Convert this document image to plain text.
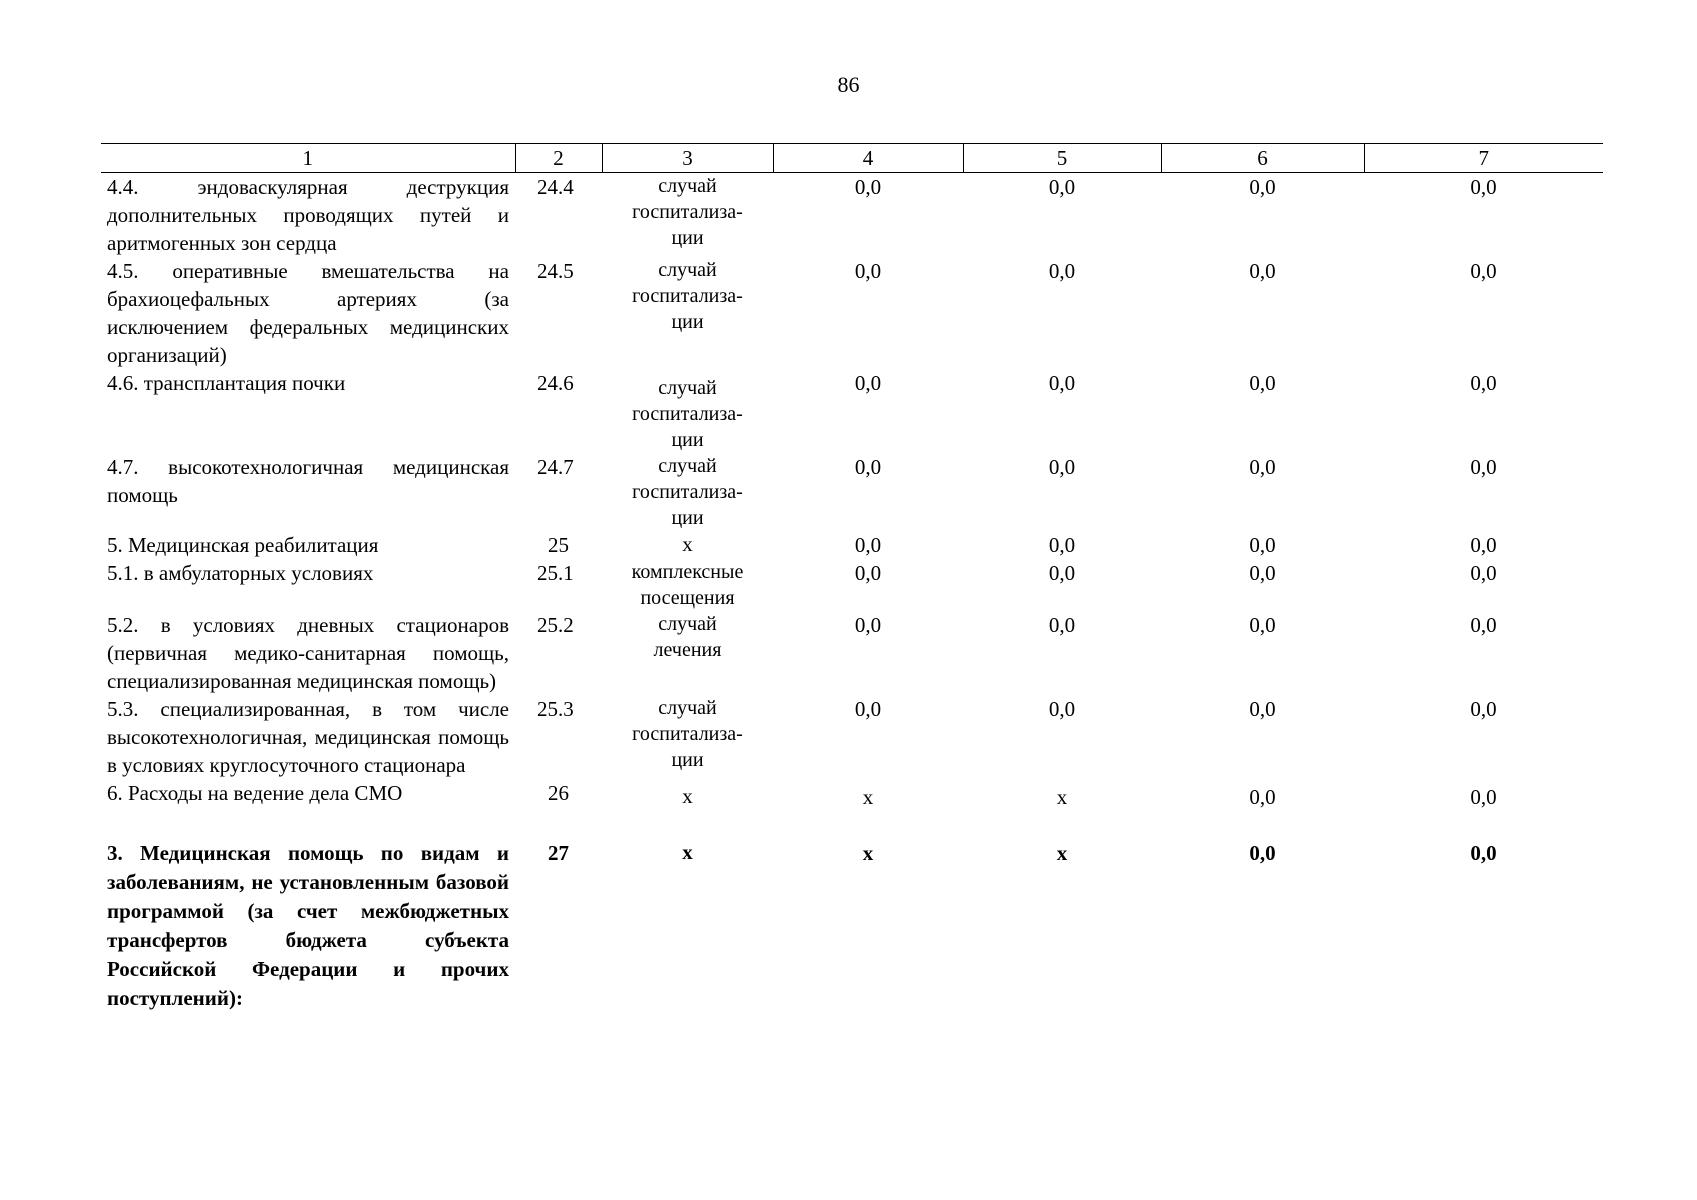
86
1	2	3	4	5	6	7
4.4. эндоваскулярная деструкция дополнительных проводящих путей и аритмогенных зон сердца	24.4	случай
госпитализа-
ции	0,0	0,0	0,0	0,0
4.5. оперативные вмешательства на брахиоцефальных артериях (за исключением федеральных медицинских организаций)	24.5	случай
госпитализа-
ции	0,0	0,0	0,0	0,0
4.6. трансплантация почки	24.6	случай
госпитализа-
ции	0,0	0,0	0,0	0,0
4.7. высокотехнологичная медицинская помощь	24.7	случай
госпитализа-
ции	0,0	0,0	0,0	0,0
5. Медицинская реабилитация	25	х	0,0	0,0	0,0	0,0
5.1. в амбулаторных условиях	25.1	комплексные
посещения	0,0	0,0	0,0	0,0
5.2. в условиях дневных стационаров (первичная медико-санитарная помощь, специализированная медицинская помощь)	25.2	случай
лечения	0,0	0,0	0,0	0,0
5.3. специализированная, в том числе высокотехнологичная, медицинская помощь в условиях круглосуточного стационара	25.3	случай
госпитализа-
ции	0,0	0,0	0,0	0,0
6. Расходы на ведение дела СМО	26	х	х	х	0,0	0,0
3. Медицинская помощь по видам и заболеваниям, не установленным базовой программой (за счет межбюджетных трансфертов бюджета субъекта Российской Федерации и прочих поступлений):	27	х	х	х	0,0	0,0
